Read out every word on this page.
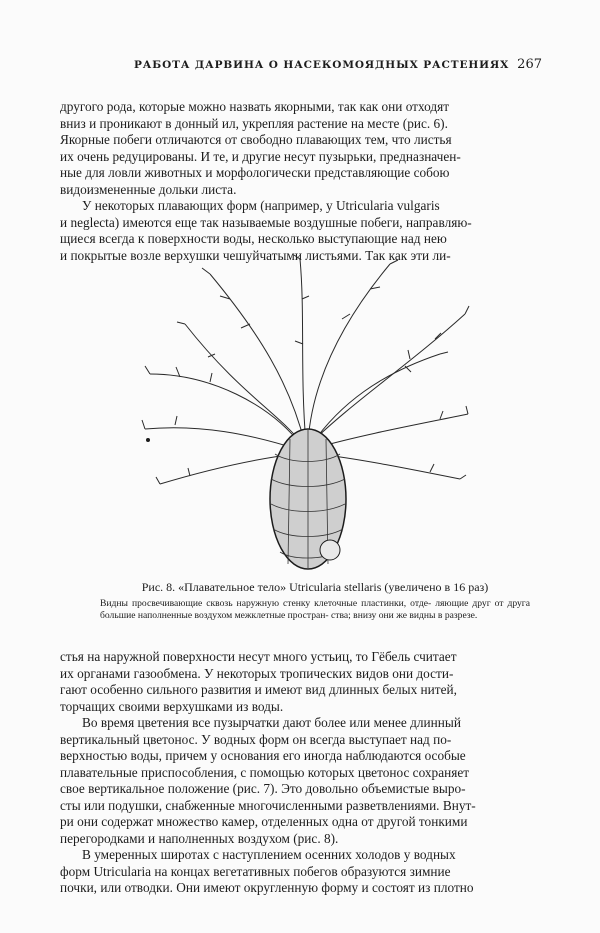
РАБОТА ДАРВИНА О НАСЕКОМОЯДНЫХ РАСТЕНИЯХ 267
другого рода, которые можно назвать якорными, так как они отходят
вниз и проникают в донный ил, укрепляя растение на месте (рис. 6).
Якорные побеги отличаются от свободно плавающих тем, что листья
их очень редуцированы. И те, и другие несут пузырьки, предназначен-
ные для ловли животных и морфологически представляющие собою
видоизмененные дольки листа.
У некоторых плавающих форм (например, у Utricularia vulgaris
и neglecta) имеются еще так называемые воздушные побеги, направляю-
щиеся всегда к поверхности воды, несколько выступающие над нею
и покрытые возле верхушки чешуйчатыми листьями. Так как эти ли-
Рис. 8. «Плавательное тело» Utricularia stellaris (увеличено в 16 раз)
Видны просвечивающие сквозь наружную стенку клеточные пластинки, отде- ляющие друг от друга большие наполненные воздухом межклетные простран- ства; внизу они же видны в разрезе.
стья на наружной поверхности несут много устьиц, то Гёбель считает
их органами газообмена. У некоторых тропических видов они дости-
гают особенно сильного развития и имеют вид длинных белых нитей,
торчащих своими верхушками из воды.
Во время цветения все пузырчатки дают более или менее длинный
вертикальный цветонос. У водных форм он всегда выступает над по-
верхностью воды, причем у основания его иногда наблюдаются особые
плавательные приспособления, с помощью которых цветонос сохраняет
свое вертикальное положение (рис. 7). Это довольно объемистые выро-
сты или подушки, снабженные многочисленными разветвлениями. Внут-
ри они содержат множество камер, отделенных одна от другой тонкими
перегородками и наполненных воздухом (рис. 8).
В умеренных широтах с наступлением осенних холодов у водных
форм Utricularia на концах вегетативных побегов образуются зимние
почки, или отводки. Они имеют округленную форму и состоят из плотно
